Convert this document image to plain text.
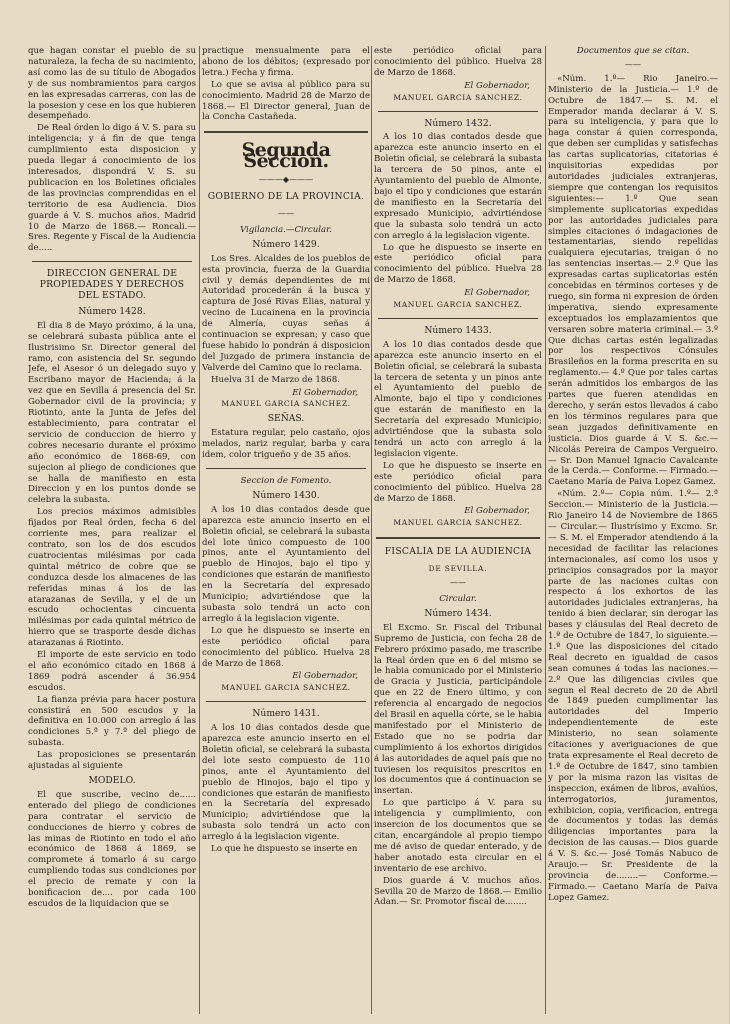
que hagan constar el pueblo de su naturaleza, la fecha de su nacimiento, así como las de su título de Abogados y de sus nombramientos para cargos en las expresadas carreras, con las de la posesion y cese en los que hubieren desempeñado.

De Real órden lo digo á V. S. para su inteligencia; y á fin de que tenga cumplimiento esta disposicion y pueda llegar á conocimiento de los interesados, dispondrá V. S. su publicacion en los Boletines oficiales de las provincias comprendidas en el territorio de esa Audiencia. Dios guarde á V. S. muchos años. Madrid 10 de Marzo de 1868.— Roncali.— Sres. Regente y Fiscal de la Audiencia de.....

DIRECCION GENERAL DE PROPIEDADES Y DERECHOS DEL ESTADO.

Número 1428.

El dia 8 de Mayo próximo, á la una, se celebrará subasta pública ante el Ilustrisimo Sr. Director general del ramo, con asistencia del Sr. segundo Jefe, el Asesor ó un delegado suyo y Escribano mayor de Hacienda; á la vez que en Sevilla á presencia del Sr. Gobernador civil de la provincia; y Riotinto, ante la Junta de Jefes del establecimiento, para contratar el servicio de conduccion de hierro y cobres necesario durante el próximo año económico de 1868-69, con sujecion al pliego de condiciones que se halla de manifiesto en esta Direccion y en los puntos donde se celebra la subasta.

Los precios máximos admisibles fijados por Real órden, fecha 6 del corriente mes, para realizar el contrato, son los de dos escudos cuatrocientas milésimas por cada quintal métrico de cobre que se conduzca desde los almacenes de las referidas minas á los de las atarazanas de Sevilla, y el de un escudo ochocientas cincuenta milésimas por cada quintal métrico de hierro que se trasporte desde dichas atarazanas á Riotinto.

El importe de este servicio en todo el año económico citado en 1868 á 1869 podrá ascender á 36.954 escudos.

La fianza prévia para hacer postura consistirá en 500 escudos y la definitiva en 10.000 con arreglo á las condiciones 5.ª y 7.ª del pliego de subasta.

Las proposiciones se presentarán ajustadas al siguiente

MODELO.

El que suscribe, vecino de...... enterado del pliego de condiciones para contratar el servicio de conducciones de hierro y cobres de las minas de Riotinto en todo el año económico de 1868 á 1869, se compromete á tomarlo á su cargo cumpliendo todas sus condiciones por el precio de remate y con la bonificacion de.... por cada 100 escudos de la liquidacion que se

practique mensualmente para el abono de los débitos; (expresado por letra.) Fecha y firma.

Lo que se avisa al público para su conocimiento. Madrid 28 de Marzo de 1868.— El Director general, Juan de la Concha Castañeda.

Segunda Seccion.

———◆———

GOBIERNO DE LA PROVINCIA.

——

Vigilancia.—Circular.

Número 1429.

Los Sres. Alcaldes de los pueblos de esta provincia, fuerza de la Guardia civil y demás dependientes de mi Autoridad procederán á la busca y captura de José Rivas Elias, natural y vecino de Lucainena en la provincia de Almería, cuyas señas á continuacion se expresan; y caso que fuese habido lo pondrán á disposicion del Juzgado de primera instancia de Valverde del Camino que lo reclama.

Huelva 31 de Marzo de 1868.

El Gobernador,

MANUEL GARCIA SANCHEZ.

SEÑAS.

Estatura regular, pelo castaño, ojos melados, nariz regular, barba y cara idem, color trigueño y de 35 años.

Seccion de Fomento.

Número 1430.

A los 10 dias contados desde que aparezca este anuncio inserto en el Boletin oficial, se celebrará la subasta del lote único compuesto de 100 pinos, ante el Ayuntamiento del pueblo de Hinojos, bajo el tipo y condiciones que estarán de manifiesto en la Secretaría del expresado Municipio; advirtiéndose que la subasta solo tendrá un acto con arreglo á la legislacion vigente.

Lo que he dispuesto se inserte en este periódico oficial para conocimiento del público. Huelva 28 de Marzo de 1868.

El Gobernador,

MANUEL GARCIA SANCHEZ.

Número 1431.

A los 10 dias contados desde que aparezca este anuncio inserto en el Boletin oficial, se celebrará la subasta del lote sesto compuesto de 110 pinos, ante el Ayuntamiento del pueblo de Hinojos, bajo el tipo y condiciones que estarán de manifiesto en la Secretaría del expresado Municipio; advirtiéndose que la subasta solo tendrá un acto con arreglo á la legislacion vigente.

Lo que he dispuesto se inserte en

este periódico oficial para conocimiento del público. Huelva 28 de Marzo de 1868.

El Gobernador,

MANUEL GARCIA SANCHEZ.

Número 1432.

A los 10 dias contados desde que aparezca este anuncio inserto en el Boletin oficial, se celebrará la subasta la tercera de 50 pinos, ante el Ayuntamiento del pueblo de Almonte, bajo el tipo y condiciones que estarán de manifiesto en la Secretaría del expresado Municipio, advirtiéndose que la subasta solo tendrá un acto con arreglo á la legislacion vigente.

Lo que he dispuesto se inserte en este periódico oficial para conocimiento del público. Huelva 28 de Marzo de 1868.

El Gobernador,

MANUEL GARCIA SANCHEZ.

Número 1433.

A los 10 dias contados desde que aparezca este anuncio inserto en el Boletin oficial, se celebrará la subasta la tercera de setenta y un pinos ante el Ayuntamiento del pueblo de Almonte, bajo el tipo y condiciones que estarán de manifiesto en la Secretaría del expresado Municipio; advirtiéndose que la subasta solo tendrá un acto con arreglo á la legislacion vigente.

Lo que he dispuesto se inserte en este periódico oficial para conocimiento del público. Huelva 28 de Marzo de 1868.

El Gobernador,

MANUEL GARCIA SANCHEZ.

FISCALIA DE LA AUDIENCIA

DE SEVILLA.

——

Circular.

Número 1434.

El Excmo. Sr. Fiscal del Tribunal Supremo de Justicia, con fecha 28 de Febrero próximo pasado, me trascribe la Real órden que en 6 del mismo se le habia comunicado por el Ministerio de Gracia y Justicia, participándole que en 22 de Enero último, y con referencia al encargado de negocios del Brasil en aquella córte, se le habia manifestado por el Ministerio de Estado que no se podria dar cumplimiento á los exhortos dirigidos á las autoridades de aquel país que no tuviesen los requisitos prescritos en los documentos que á continuacion se insertan.

Lo que participo á V. para su inteligencia y cumplimiento, con insercion de los documentos que se citan, encargándole al propio tiempo me dé aviso de quedar enterado, y de haber anotado esta circular en el inventario de ese archivo.

Dios guarde á V. muchos años. Sevilla 20 de Marzo de 1868.— Emilio Adan.— Sr. Promotor fiscal de........

Documentos que se citan.

——

«Núm. 1.º— Rio Janeiro.— Ministerio de la Justicia.— 1.º de Octubre de 1847.— S. M. el Emperador manda declarar á V. S. para su inteligencia, y para que lo haga constar á quien corresponda, que deben ser cumplidas y satisfechas las cartas suplicatorias, citatorias é inquisitorias expedidas por autoridades judiciales extranjeras, siempre que contengan los requisitos siguientes:— 1.º Que sean simplemente suplicatorias expedidas por las autoridades judiciales para simples citaciones ó indagaciones de testamentarias, siendo repelidas cualquiera ejecutarias, traigan ó no las sentencias insertas.— 2.º Que las expresadas cartas suplicatorias estén concebidas en términos corteses y de ruego, sin forma ni expresion de órden imperativa, siendo expresamente exceptuados los emplazamientos que versaren sobre materia criminal.— 3.º Que dichas cartas estén legalizadas por los respectivos Cónsules Brasileños en la forma prescrita en su reglamento.— 4.º Que por tales cartas serán admitidos los embargos de las partes que fueren atendidas en derecho, y serán estos llevados á cabo en los términos regulares para que sean juzgados definitivamente en justicia. Dios guarde á V. S. &c.— Nicolás Pereira de Campos Vergueiro.— Sr. Don Manuel Ignacio Cavalcante de la Cerda.— Conforme.— Firmado.— Caetano María de Paiva Lopez Gamez.

«Núm. 2.º— Copia núm. 1.º— 2.ª Seccion.— Ministerio de la Justicia.— Rio Janeiro 14 de Noviembre de 1865 — Circular.— Ilustrísimo y Excmo. Sr.— S. M. el Emperador atendiendo á la necesidad de facilitar las relaciones internacionales, así como los usos y principios consagrados por la mayor parte de las naciones cultas con respecto á los exhortos de las autoridades judiciales extranjeras, ha tenido á bien declarar, sin derogar las bases y cláusulas del Real decreto de 1.º de Octubre de 1847, lo siguiente.— 1.º Que las disposiciones del citado Real decreto en igualdad de casos sean comunes á todas las naciones.— 2.º Que las diligencias civiles que segun el Real decreto de 20 de Abril de 1849 pueden cumplimentar las autoridades del Imperio independientemente de este Ministerio, no sean solamente citaciones y averiguaciones de que trata expresamente el Real decreto de 1.º de Octubre de 1847, sino tambien y por la misma razon las visitas de inspeccion, exámen de libros, avalúos, interrogatorios, juramentos, exhibicion, copia, verificacion, entrega de documentos y todas las demás diligencias importantes para la decision de las causas.— Dios guarde á V. S. &c.— José Tomás Nabuco de Araujo.— Sr. Presidente de la provincia de........— Conforme.— Firmado.— Caetano María de Paiva Lopez Gamez.
